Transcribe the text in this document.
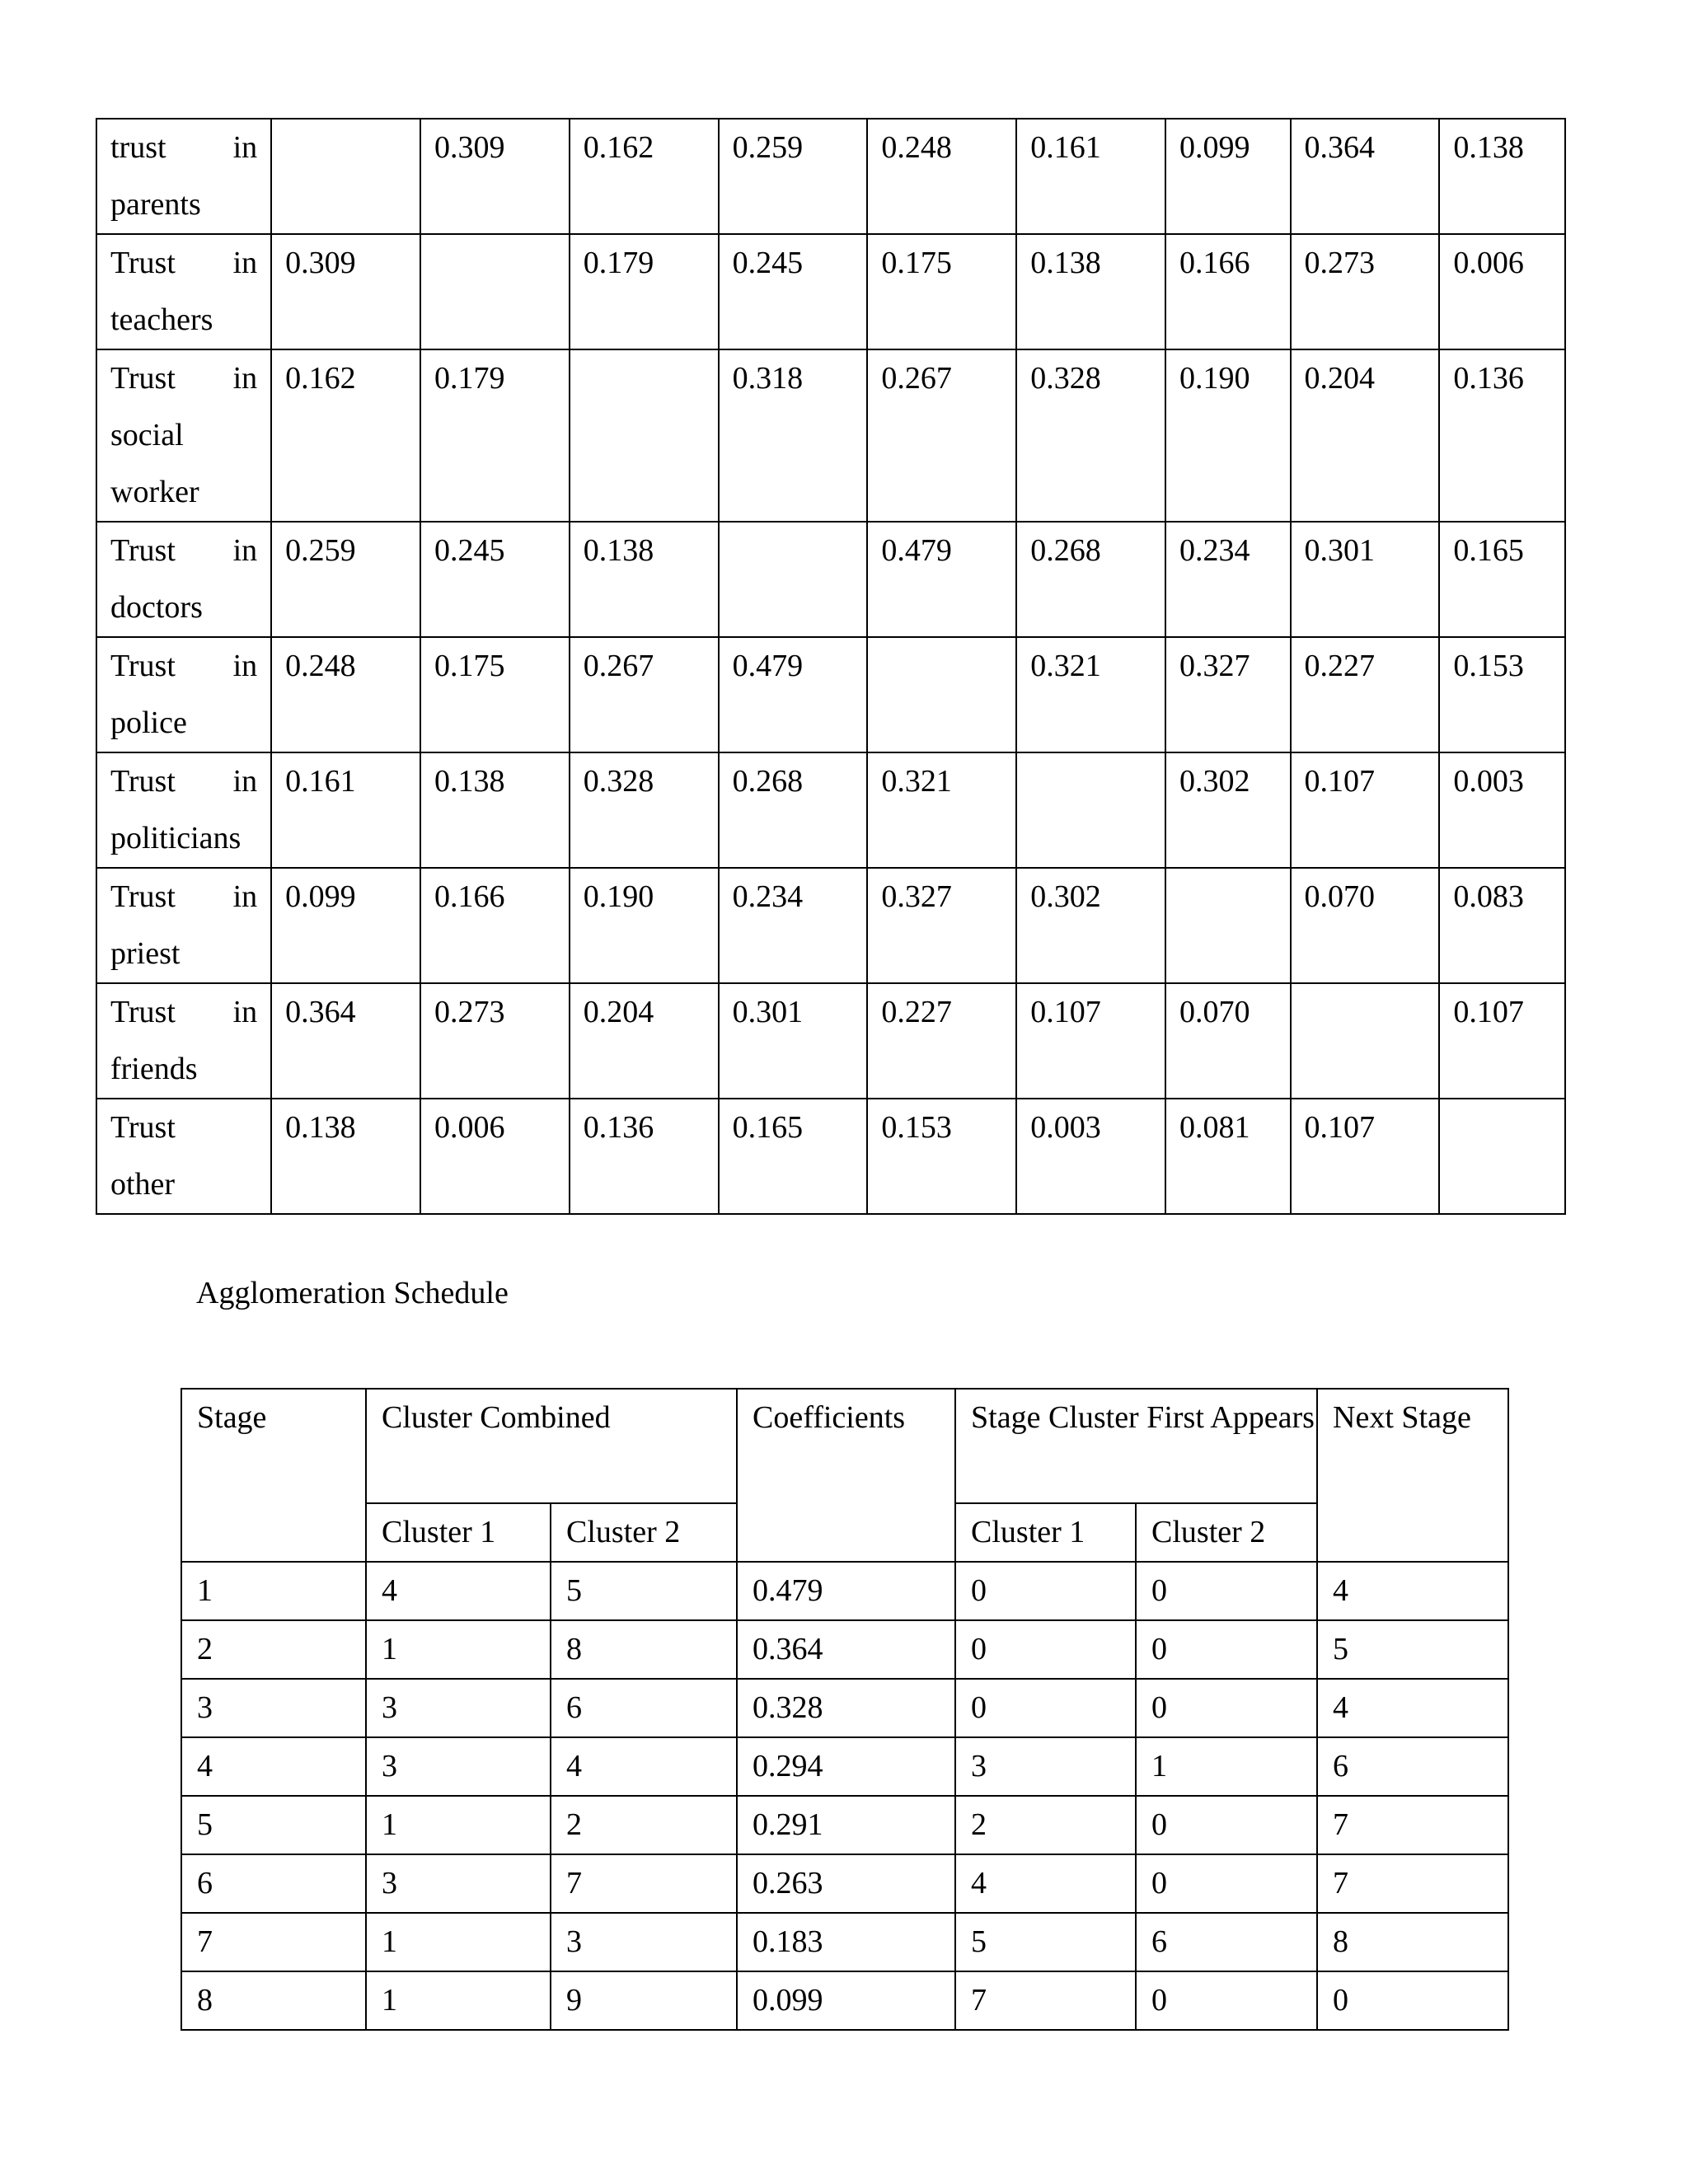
trust in
parents		0.309	0.162	0.259	0.248	0.161	0.099	0.364	0.138

Trust in
teachers	0.309		0.179	0.245	0.175	0.138	0.166	0.273	0.006

Trust in
social
worker	0.162	0.179		0.318	0.267	0.328	0.190	0.204	0.136

Trust in
doctors	0.259	0.245	0.138		0.479	0.268	0.234	0.301	0.165

Trust in
police	0.248	0.175	0.267	0.479		0.321	0.327	0.227	0.153

Trust in
politicians	0.161	0.138	0.328	0.268	0.321		0.302	0.107	0.003

Trust in
priest	0.099	0.166	0.190	0.234	0.327	0.302		0.070	0.083

Trust in
friends	0.364	0.273	0.204	0.301	0.227	0.107	0.070		0.107

Trust
other	0.138	0.006	0.136	0.165	0.153	0.003	0.081	0.107	

Agglomeration Schedule

Stage	Cluster Combined		Coefficients	Stage Cluster First Appears		Next Stage
	Cluster 1	Cluster 2		Cluster 1	Cluster 2	
1	4	5	0.479	0	0	4
2	1	8	0.364	0	0	5
3	3	6	0.328	0	0	4
4	3	4	0.294	3	1	6
5	1	2	0.291	2	0	7
6	3	7	0.263	4	0	7
7	1	3	0.183	5	6	8
8	1	9	0.099	7	0	0
